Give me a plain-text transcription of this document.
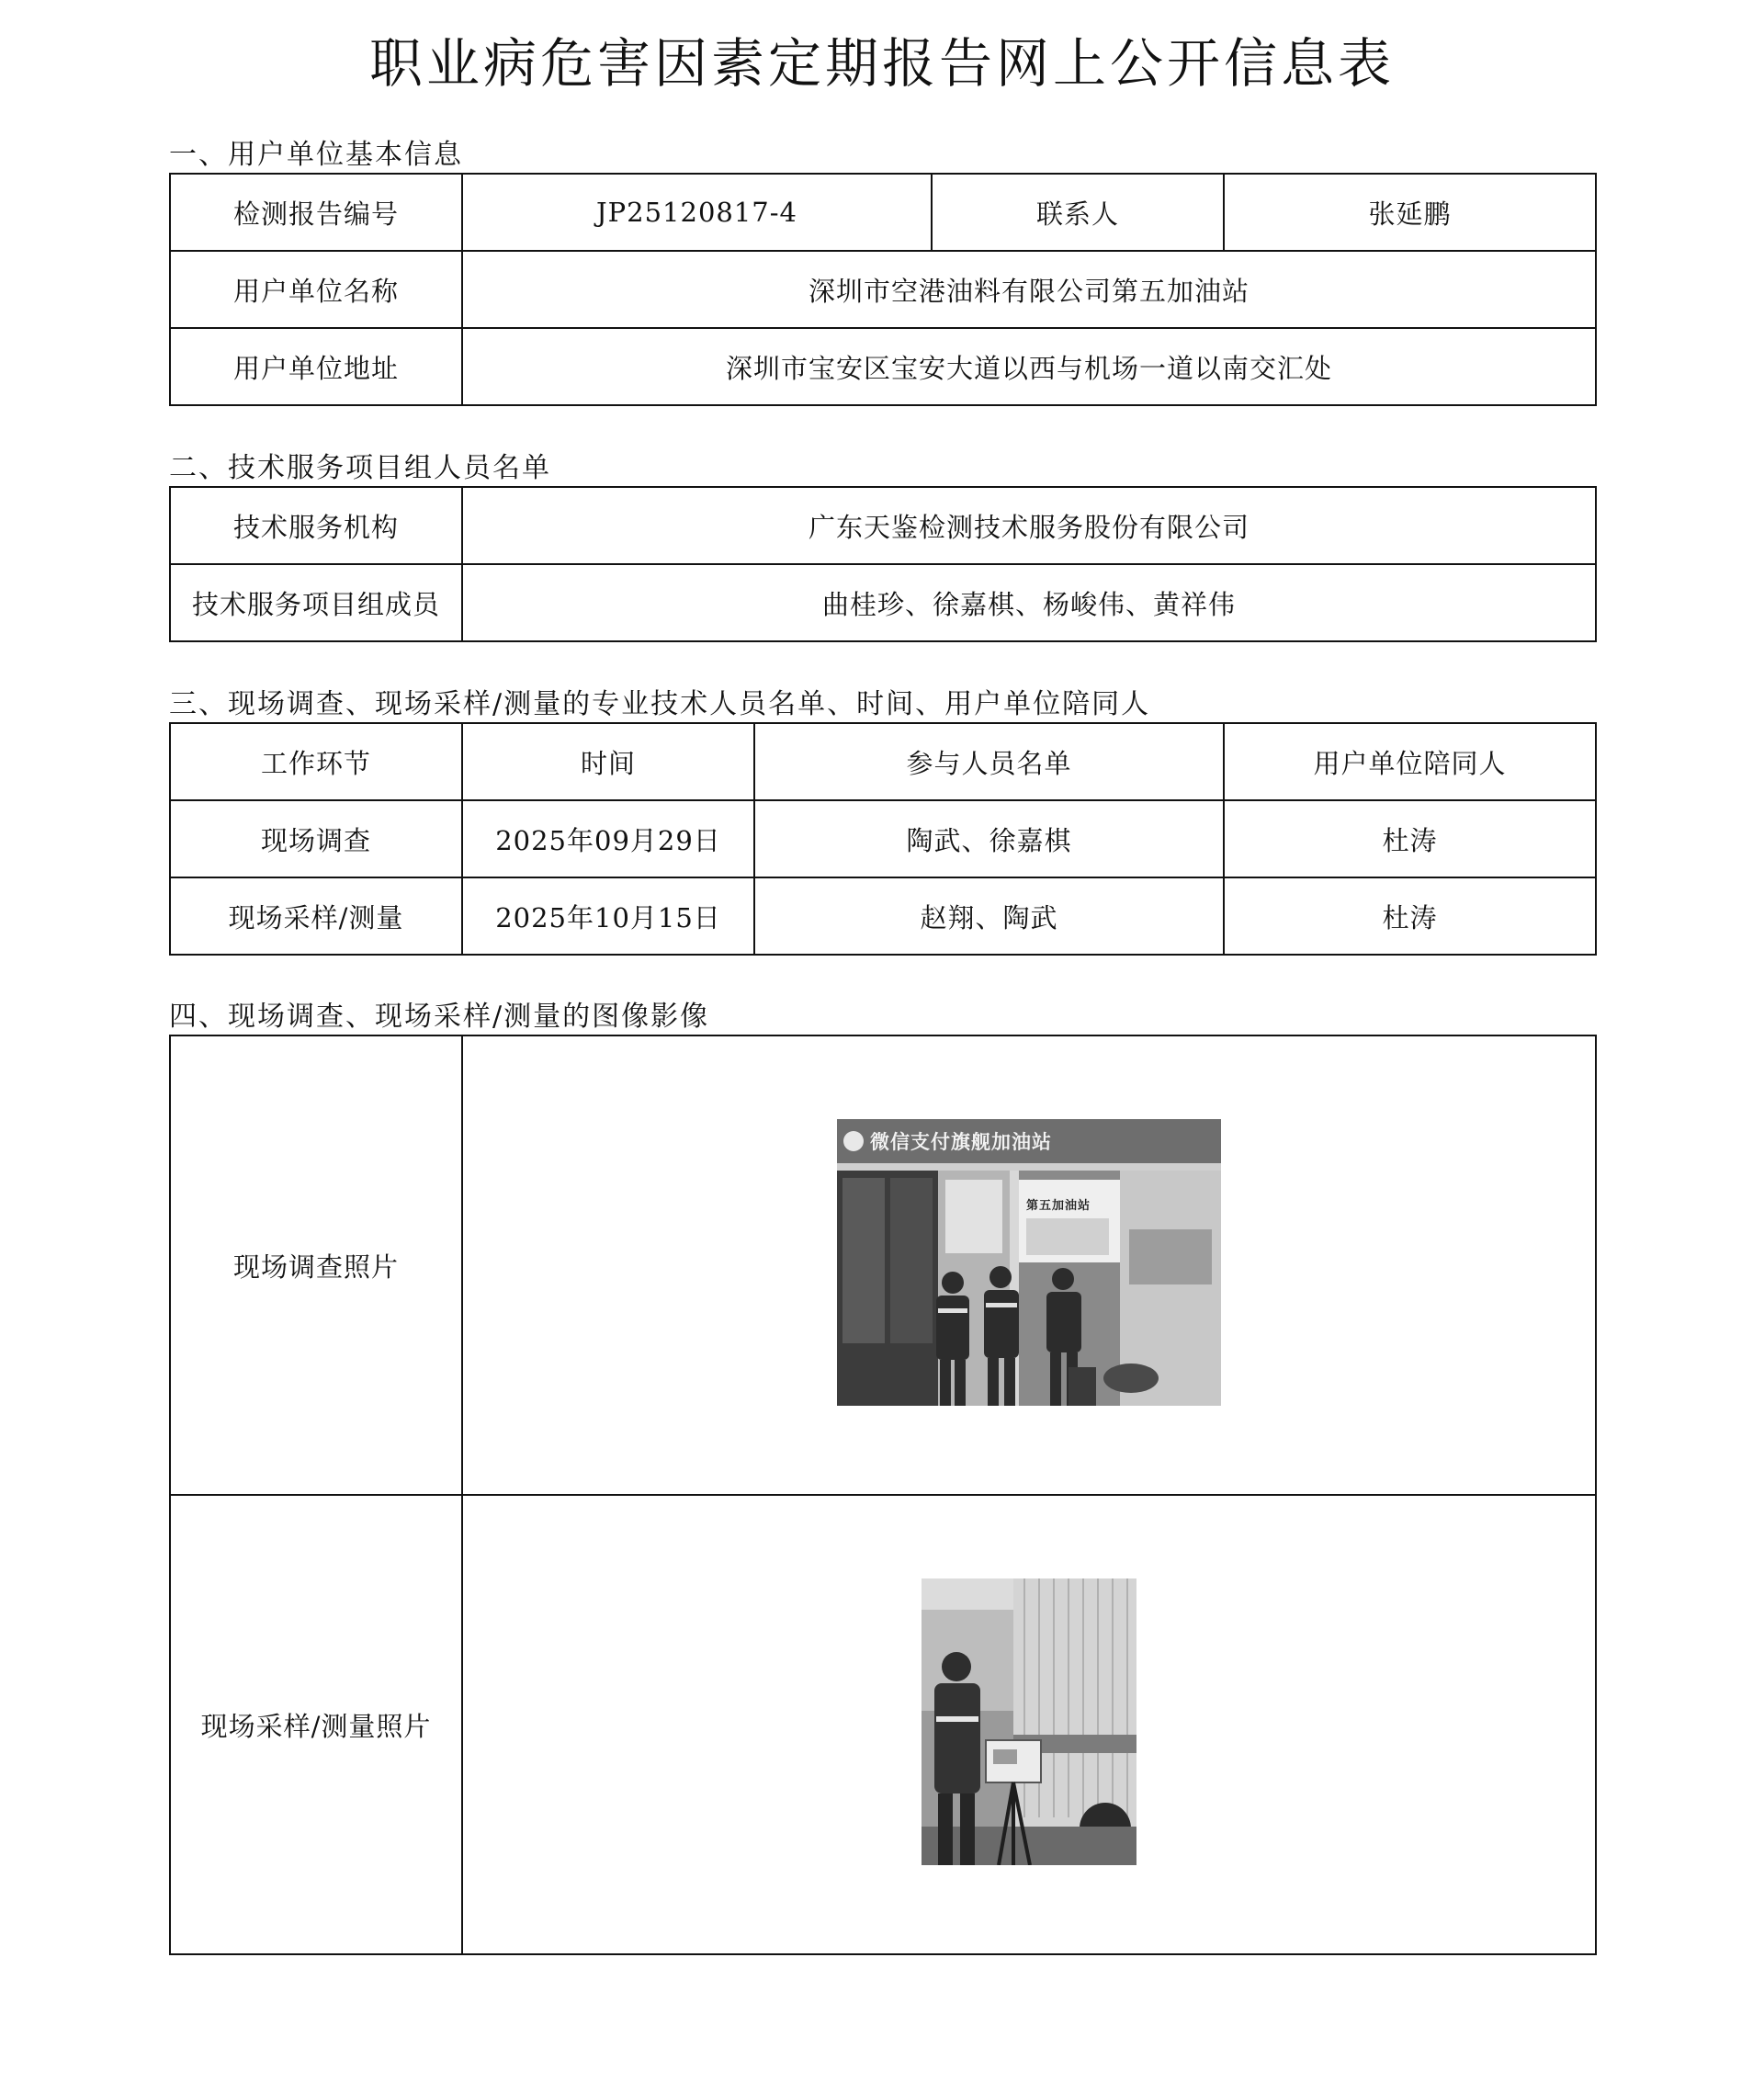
职业病危害因素定期报告网上公开信息表
一、用户单位基本信息
检测报告编号	JP25120817-4	联系人	张延鹏
用户单位名称	深圳市空港油料有限公司第五加油站		
用户单位地址	深圳市宝安区宝安大道以西与机场一道以南交汇处		
二、技术服务项目组人员名单
技术服务机构	广东天鉴检测技术服务股份有限公司
技术服务项目组成员	曲桂珍、徐嘉棋、杨峻伟、黄祥伟
三、现场调查、现场采样/测量的专业技术人员名单、时间、用户单位陪同人
工作环节	时间	参与人员名单	用户单位陪同人
现场调查	2025年09月29日	陶武、徐嘉棋	杜涛
现场采样/测量	2025年10月15日	赵翔、陶武	杜涛
四、现场调查、现场采样/测量的图像影像
现场调查照片	微信支付旗舰加油站
第五加油站

现场采样/测量照片	
